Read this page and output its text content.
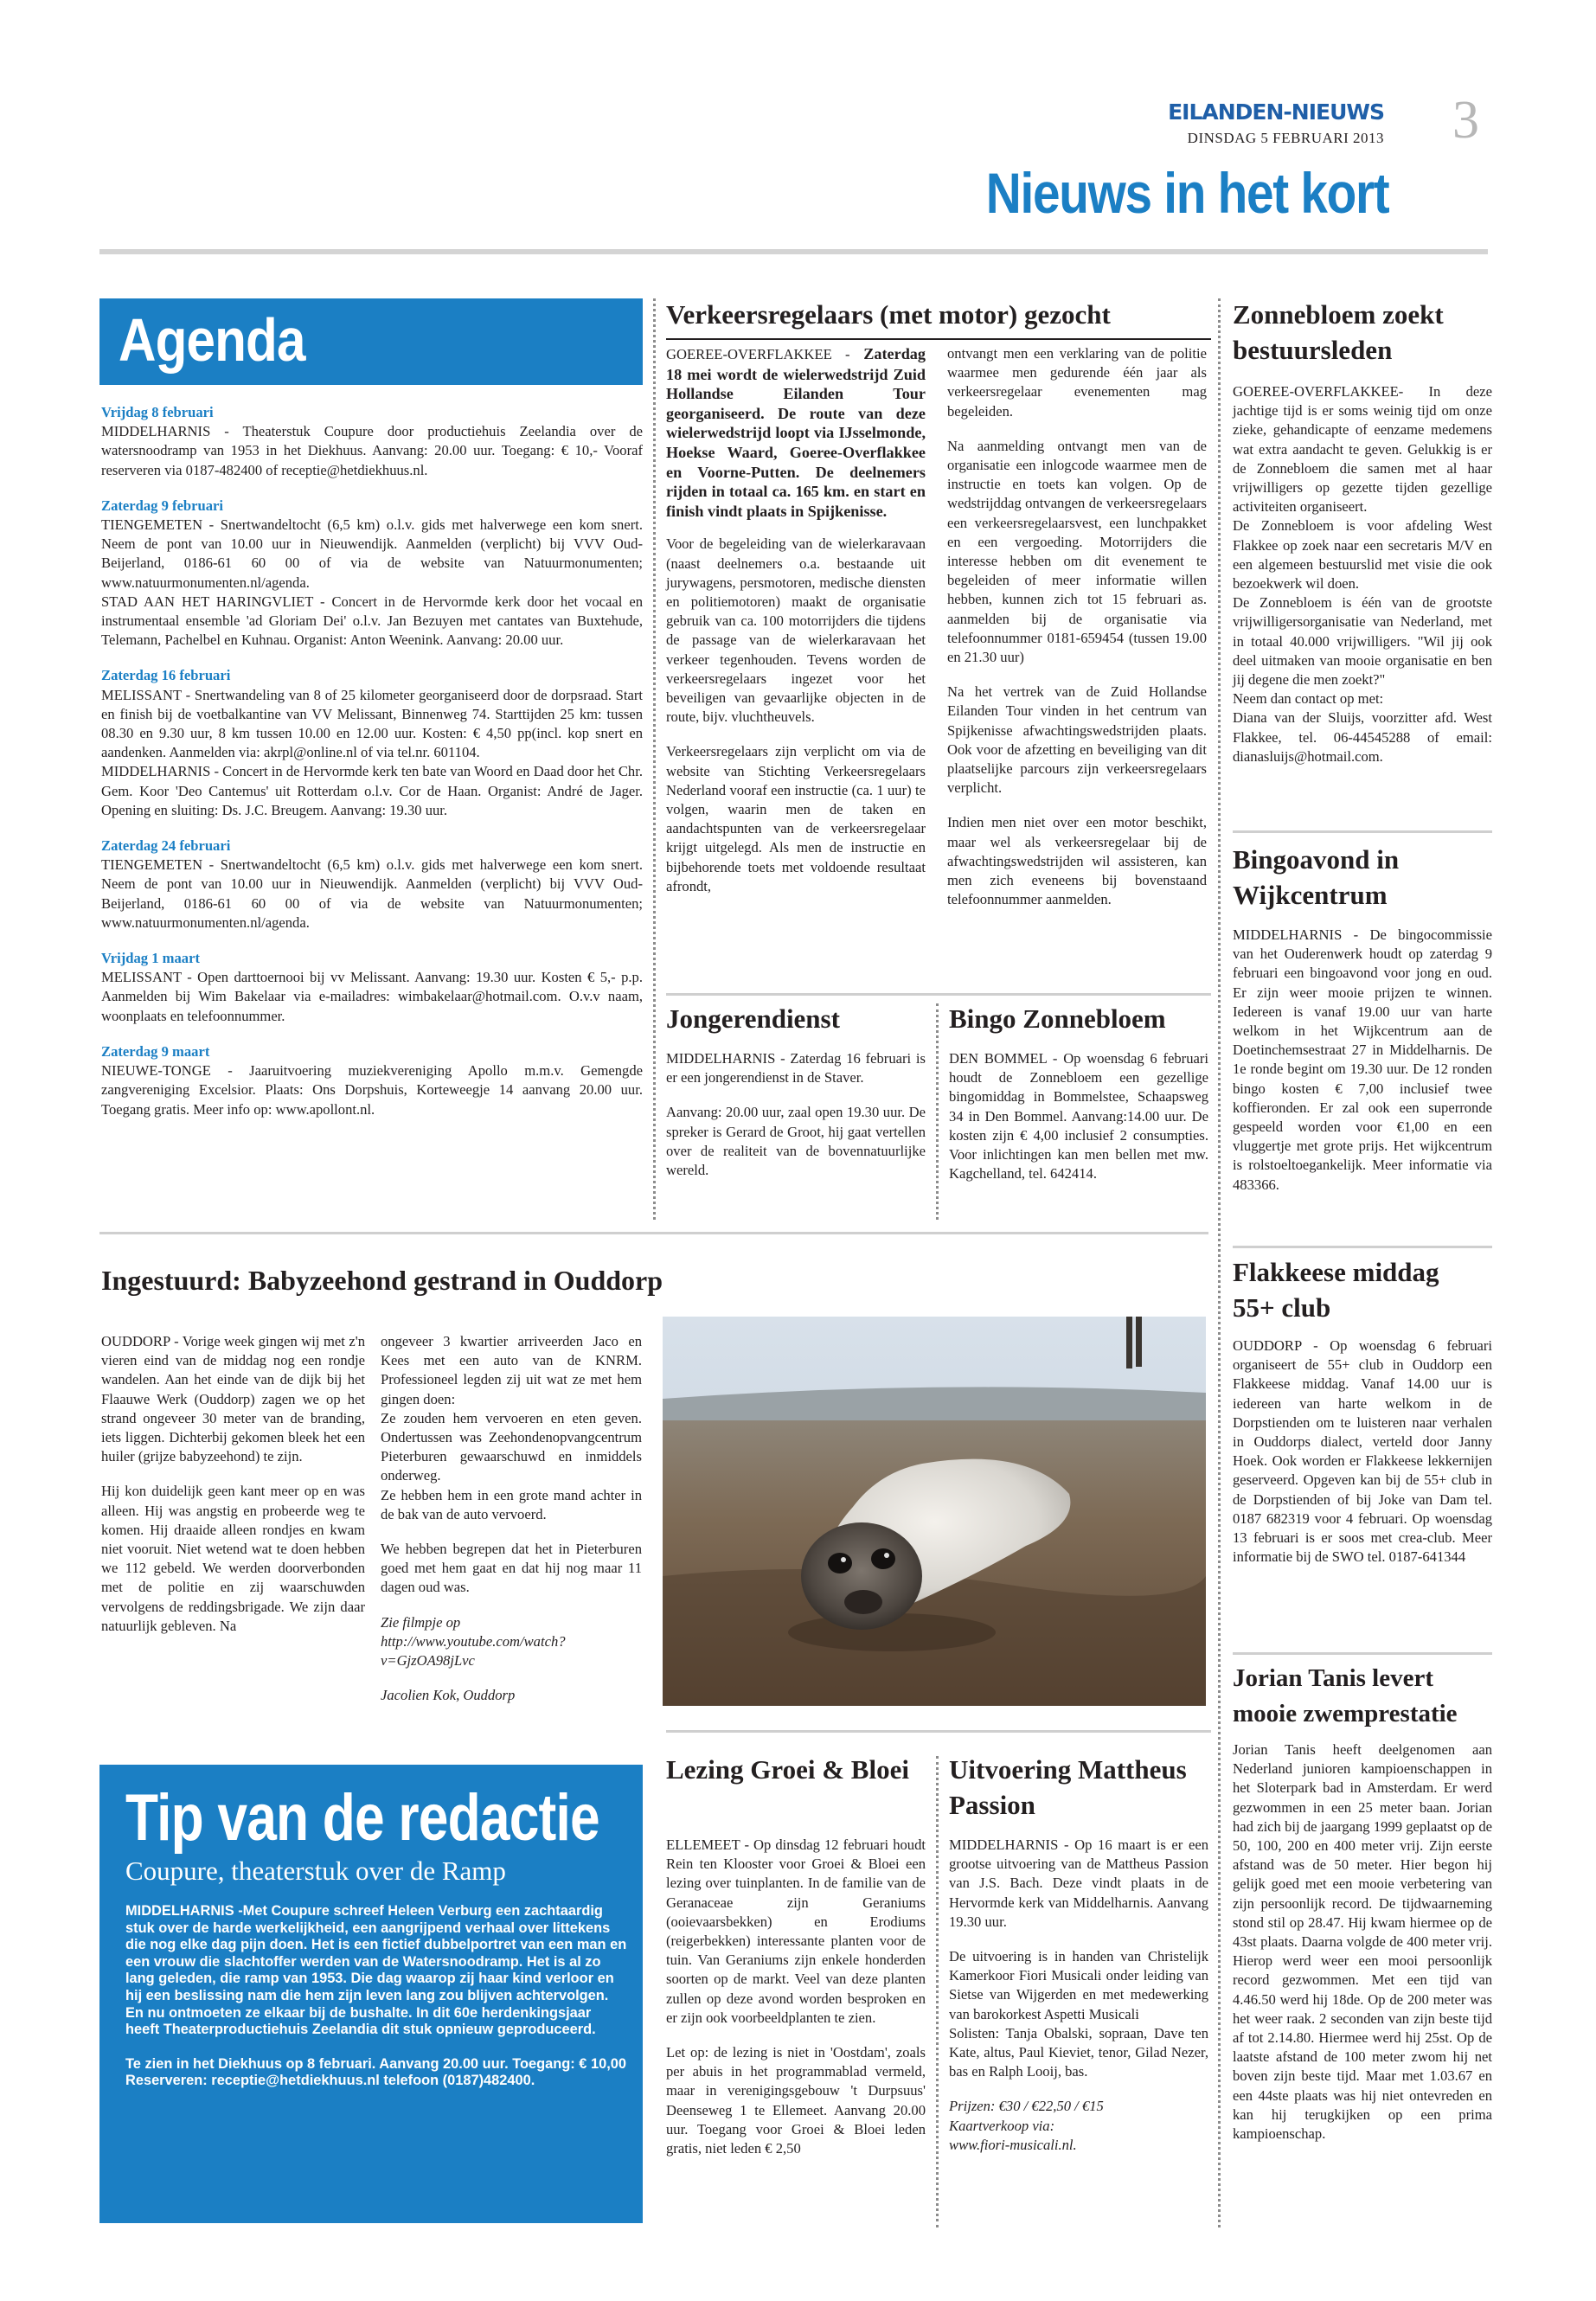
EILANDEN-NIEUWS
DINSDAG 5 FEBRUARI 2013 3
Nieuws in het kort
Agenda
Vrijdag 8 februari
MIDDELHARNIS - Theaterstuk Coupure door productiehuis Zeelandia over de watersnoodramp van 1953 in het Diekhuus. Aanvang: 20.00 uur. Toegang: € 10,- Vooraf reserveren via 0187-482400 of receptie@hetdiekhuus.nl.
Zaterdag 9 februari
TIENGEMETEN - Snertwandeltocht (6,5 km) o.l.v. gids met halverwege een kom snert. Neem de pont van 10.00 uur in Nieuwendijk. Aanmelden (verplicht) bij VVV Oud-Beijerland, 0186-61 60 00 of via de website van Natuurmonumenten; www.natuurmonumenten.nl/agenda.
STAD AAN HET HARINGVLIET - Concert in de Hervormde kerk door het vocaal en instrumentaal ensemble 'ad Gloriam Dei' o.l.v. Jan Bezuyen met cantates van Buxtehude, Telemann, Pachelbel en Kuhnau. Organist: Anton Weenink. Aanvang: 20.00 uur.
Zaterdag 16 februari
MELISSANT - Snertwandeling van 8 of 25 kilometer georganiseerd door de dorpsraad. Start en finish bij de voetbalkantine van VV Melissant, Binnenweg 74. Starttijden 25 km: tussen 08.30 en 9.30 uur, 8 km tussen 10.00 en 12.00 uur. Kosten: € 4,50 pp(incl. kop snert en aandenken. Aanmelden via: akrpl@online.nl of via tel.nr. 601104.
MIDDELHARNIS - Concert in de Hervormde kerk ten bate van Woord en Daad door het Chr. Gem. Koor 'Deo Cantemus' uit Rotterdam o.l.v. Cor de Haan. Organist: André de Jager. Opening en sluiting: Ds. J.C. Breugem. Aanvang: 19.30 uur.
Zaterdag 24 februari
TIENGEMETEN - Snertwandeltocht (6,5 km) o.l.v. gids met halverwege een kom snert. Neem de pont van 10.00 uur in Nieuwendijk. Aanmelden (verplicht) bij VVV Oud-Beijerland, 0186-61 60 00 of via de website van Natuurmonumenten; www.natuurmonumenten.nl/agenda.
Vrijdag 1 maart
MELISSANT - Open darttoernooi bij vv Melissant. Aanvang: 19.30 uur. Kosten € 5,- p.p. Aanmelden bij Wim Bakelaar via e-mailadres: wimbakelaar@hotmail.com. O.v.v naam, woonplaats en telefoonnummer.
Zaterdag 9 maart
NIEUWE-TONGE - Jaaruitvoering muziekvereniging Apollo m.m.v. Gemengde zangvereniging Excelsior. Plaats: Ons Dorpshuis, Korteweegje 14 aanvang 20.00 uur. Toegang gratis. Meer info op: www.apollont.nl.
Verkeersregelaars (met motor) gezocht
GOEREE-OVERFLAKKEE - Zaterdag 18 mei wordt de wielerwedstrijd Zuid Hollandse Eilanden Tour georganiseerd. De route van deze wielerwedstrijd loopt via IJsselmonde, Hoekse Waard, Goeree-Overflakkee en Voorne-Putten. De deelnemers rijden in totaal ca. 165 km. en start en finish vindt plaats in Spijkenisse.

Voor de begeleiding van de wielerkaravaan (naast deelnemers o.a. bestaande uit jurywagens, persmotoren, medische diensten en politiemotoren) maakt de organisatie gebruik van ca. 100 motorrijders die tijdens de passage van de wielerkaravaan het verkeer tegenhouden. Tevens worden de verkeersregelaars ingezet voor het beveiligen van gevaarlijke objecten in de route, bijv. vluchtheuvels.

Verkeersregelaars zijn verplicht om via de website van Stichting Verkeersregelaars Nederland vooraf een instructie (ca. 1 uur) te volgen, waarin men de taken en aandachtspunten van de verkeersregelaar krijgt uitgelegd. Als men de instructie en bijbehorende toets met voldoende resultaat afrondt,

ontvangt men een verklaring van de politie waarmee men gedurende één jaar als verkeersregelaar evenementen mag begeleiden.

Na aanmelding ontvangt men van de organisatie een inlogcode waarmee men de instructie en toets kan volgen. Op de wedstrijddag ontvangen de verkeersregelaars een verkeersregelaarsvest, een lunchpakket en een vergoeding. Motorrijders die interesse hebben om dit evenement te begeleiden of meer informatie willen hebben, kunnen zich tot 15 februari as. aanmelden bij de organisatie via telefoonnummer 0181-659454 (tussen 19.00 en 21.30 uur)

Na het vertrek van de Zuid Hollandse Eilanden Tour vinden in het centrum van Spijkenisse afwachtingswedstrijden plaats. Ook voor de afzetting en beveiliging van dit plaatselijke parcours zijn verkeersregelaars verplicht.

Indien men niet over een motor beschikt, maar wel als verkeersregelaar bij de afwachtingswedstrijden wil assisteren, kan men zich eveneens bij bovenstaand telefoonnummer aanmelden.

Jongerendienst

MIDDELHARNIS - Zaterdag 16 februari is er een jongerendienst in de Staver.

Aanvang: 20.00 uur, zaal open 19.30 uur. De spreker is Gerard de Groot, hij gaat vertellen over de realiteit van de bovennatuurlijke wereld.

Bingo Zonnebloem
DEN BOMMEL - Op woensdag 6 februari houdt de Zonnebloem een gezellige bingomiddag in Bommelstee, Schaapsweg 34 in Den Bommel. Aanvang:14.00 uur. De kosten zijn € 4,00 inclusief 2 consumpties. Voor inlichtingen kan men bellen met mw. Kagchelland, tel. 642414.
Zonnebloem zoekt bestuursleden
GOEREE-OVERFLAKKEE- In deze jachtige tijd is er soms weinig tijd om onze zieke, gehandicapte of eenzame medemens wat extra aandacht te geven. Gelukkig is er de Zonnebloem die samen met al haar vrijwilligers op gezette tijden gezellige activiteiten organiseert.
De Zonnebloem is voor afdeling West Flakkee op zoek naar een secretaris M/V en een algemeen bestuurslid met visie die ook bezoekwerk wil doen.
De Zonnebloem is één van de grootste vrijwilligersorganisatie van Nederland, met in totaal 40.000 vrijwilligers. "Wil jij ook deel uitmaken van mooie organisatie en ben jij degene die men zoekt?"
Neem dan contact op met:
Diana van der Sluijs, voorzitter afd. West Flakkee, tel. 06-44545288 of email: dianasluijs@hotmail.com.
Bingoavond in Wijkcentrum
MIDDELHARNIS - De bingocommissie van het Ouderenwerk houdt op zaterdag 9 februari een bingoavond voor jong en oud. Er zijn weer mooie prijzen te winnen. Iedereen is vanaf 19.00 uur van harte welkom in het Wijkcentrum aan de Doetinchemsestraat 27 in Middelharnis. De 1e ronde begint om 19.30 uur. De 12 ronden bingo kosten € 7,00 inclusief twee koffieronden. Er zal ook een superronde gespeeld worden voor €1,00 en een vluggertje met grote prijs. Het wijkcentrum is rolstoeltoegankelijk. Meer informatie via 483366.
Ingestuurd: Babyzeehond gestrand in Ouddorp

OUDDORP - Vorige week gingen wij met z'n vieren eind van de middag nog een rondje wandelen. Aan het einde van de dijk bij het Flaauwe Werk (Ouddorp) zagen we op het strand ongeveer 30 meter van de branding, iets liggen. Dichterbij gekomen bleek het een huiler (grijze babyzeehond) te zijn.

Hij kon duidelijk geen kant meer op en was alleen. Hij was angstig en probeerde weg te komen. Hij draaide alleen rondjes en kwam niet vooruit. Niet wetend wat te doen hebben we 112 gebeld. We werden doorverbonden met de politie en zij waarschuwden vervolgens de reddingsbrigade. We zijn daar natuurlijk gebleven. Na

ongeveer 3 kwartier arriveerden Jaco en Kees met een auto van de KNRM. Professioneel legden zij uit wat ze met hem gingen doen:
Ze zouden hem vervoeren en eten geven. Ondertussen was Zeehondenopvangcentrum Pieterburen gewaarschuwd en inmiddels onderweg.
Ze hebben hem in een grote mand achter in de bak van de auto vervoerd.

We hebben begrepen dat het in Pieterburen goed met hem gaat en dat hij nog maar 11 dagen oud was.

Zie filmpje op http://www.youtube.com/watch?v=GjzOA98jLvc

Jacolien Kok, Ouddorp

Flakkeese middag 55+ club
OUDDORP - Op woensdag 6 februari organiseert de 55+ club in Ouddorp een Flakkeese middag. Vanaf 14.00 uur is iedereen van harte welkom in de Dorpstienden om te luisteren naar verhalen in Ouddorps dialect, verteld door Janny Hoek. Ook worden er Flakkeese lekkernijen geserveerd. Opgeven kan bij de 55+ club in de Dorpstienden of bij Joke van Dam tel. 0187 682319 voor 4 februari. Op woensdag 13 februari is er soos met crea-club. Meer informatie bij de SWO tel. 0187-641344
Jorian Tanis levert mooie zwemprestatie
Jorian Tanis heeft deelgenomen aan Nederland junioren kampioenschappen in het Sloterpark bad in Amsterdam. Er werd gezwommen in een 25 meter baan. Jorian had zich bij de jaargang 1999 geplaatst op de 50, 100, 200 en 400 meter vrij. Zijn eerste afstand was de 50 meter. Hier begon hij gelijk goed met een mooie verbetering van zijn persoonlijk record. De tijdwaarneming stond stil op 28.47. Hij kwam hiermee op de 43st plaats. Daarna volgde de 400 meter vrij. Hierop werd weer een mooi persoonlijk record gezwommen. Met een tijd van 4.46.50 werd hij 18de. Op de 200 meter was het weer raak. 2 seconden van zijn beste tijd af tot 2.14.80. Hiermee werd hij 25st. Op de laatste afstand de 100 meter zwom hij net boven zijn beste tijd. Maar met 1.03.67 en een 44ste plaats was hij niet ontevreden en kan hij terugkijken op een prima kampioenschap.
Tip van de redactie
Coupure, theaterstuk over de Ramp

MIDDELHARNIS -Met Coupure schreef Heleen Verburg een zachtaardig stuk over de harde werkelijkheid, een aangrijpend verhaal over littekens die nog elke dag pijn doen. Het is een fictief dubbelportret van een man en een vrouw die slachtoffer werden van de Watersnoodramp. Het is al zo lang geleden, die ramp van 1953. Die dag waarop zij haar kind verloor en hij een beslissing nam die hem zijn leven lang zou blijven achtervolgen. En nu ontmoeten ze elkaar bij de bushalte. In dit 60e herdenkingsjaar heeft Theaterproductiehuis Zeelandia dit stuk opnieuw geproduceerd.

Te zien in het Diekhuus op 8 februari. Aanvang 20.00 uur. Toegang: € 10,00 Reserveren: receptie@hetdiekhuus.nl telefoon (0187)482400.

Lezing Groei & Bloei

ELLEMEET - Op dinsdag 12 februari houdt Rein ten Klooster voor Groei & Bloei een lezing over tuinplanten. In de familie van de Geranaceae zijn Geraniums (ooievaarsbekken) en Erodiums (reigerbekken) interessante planten voor de tuin. Van Geraniums zijn enkele honderden soorten op de markt. Veel van deze planten zullen op deze avond worden besproken en er zijn ook voorbeeldplanten te zien.

Let op: de lezing is niet in 'Oostdam', zoals per abuis in het programmablad vermeld, maar in verenigingsgebouw 't Durpsuus' Deenseweg 1 te Ellemeet. Aanvang 20.00 uur. Toegang voor Groei & Bloei leden gratis, niet leden € 2,50

Uitvoering Mattheus Passion

MIDDELHARNIS - Op 16 maart is er een grootse uitvoering van de Mattheus Passion van J.S. Bach. Deze vindt plaats in de Hervormde kerk van Middelharnis. Aanvang 19.30 uur.

De uitvoering is in handen van Christelijk Kamerkoor Fiori Musicali onder leiding van Sietse van Wijgerden en met medewerking van barokorkest Aspetti Musicali
Solisten: Tanja Obalski, sopraan, Dave ten Kate, altus, Paul Kieviet, tenor, Gilad Nezer, bas en Ralph Looij, bas.

Prijzen: €30 / €22,50 / €15
Kaartverkoop via:
www.fiori-musicali.nl.
